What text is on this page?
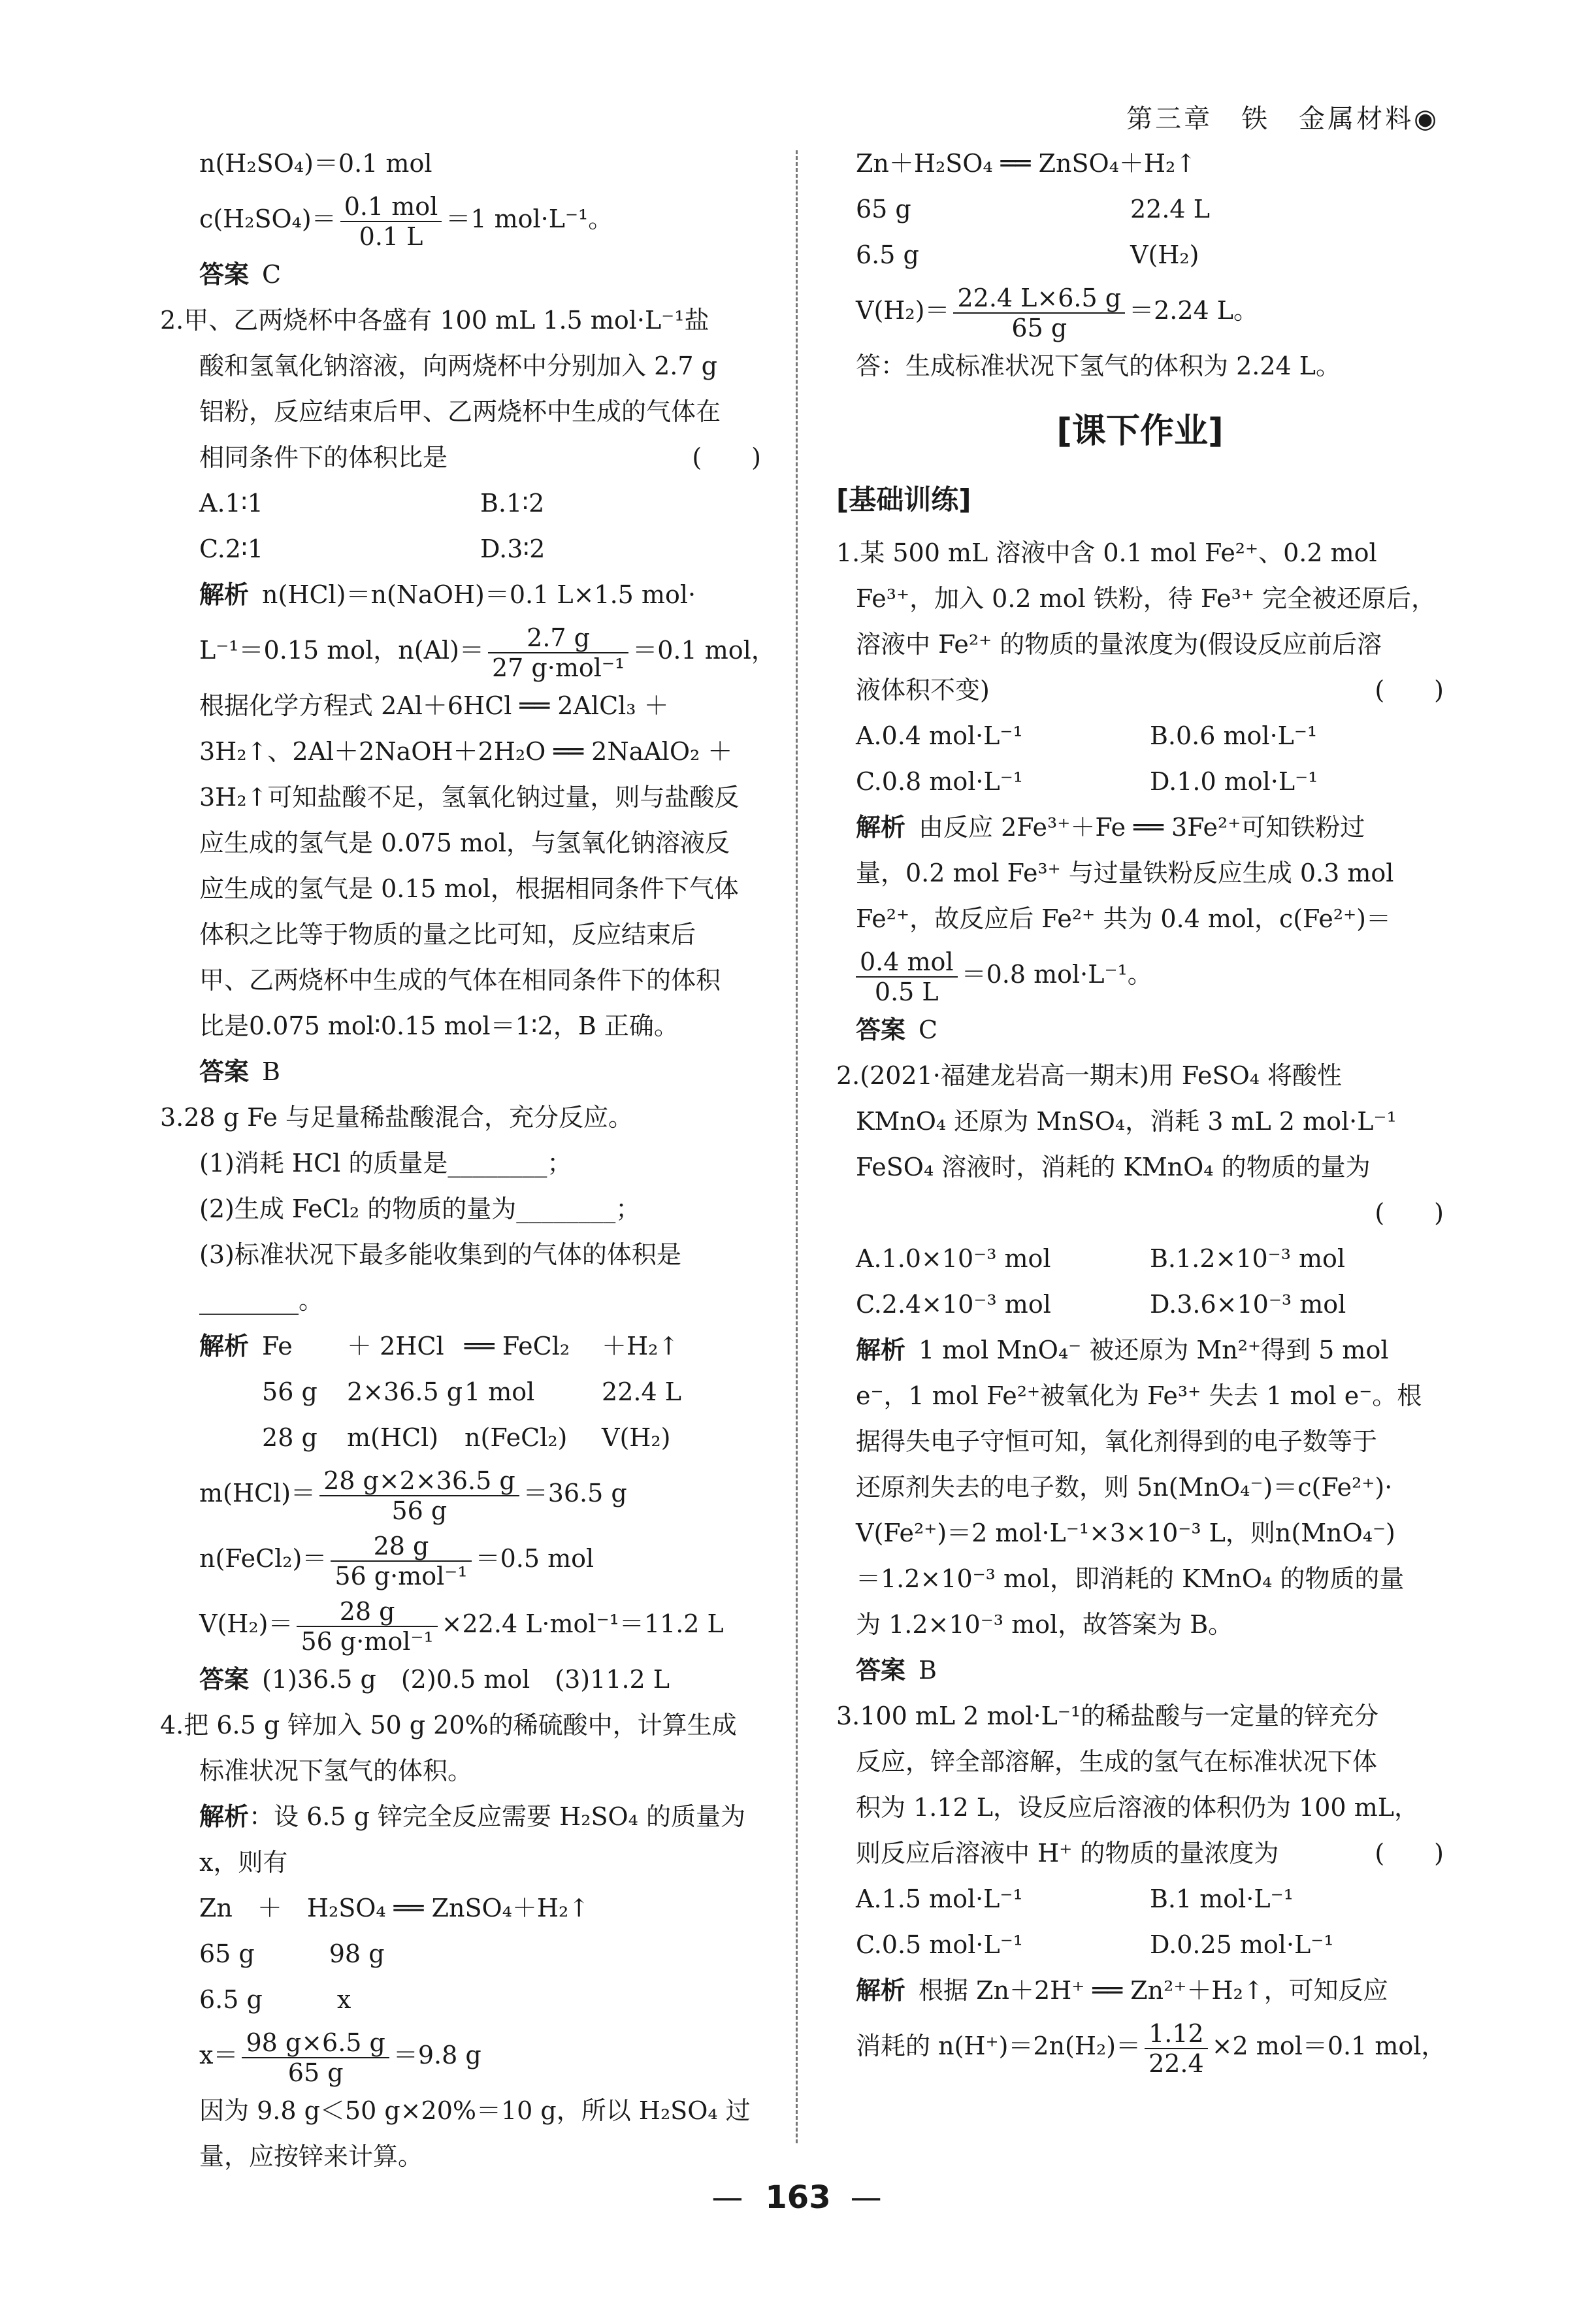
第三章　铁　金属材料◉
n(H₂SO₄)＝0.1 mol
$c(H_2SO_4)= \frac{\text{0.1 mol}}{0.1 L} =1$ mol·L⁻¹。
答案 C
2.甲、乙两烧杯中各盛有 100 mL 1.5 mol·L⁻¹盐
酸和氢氧化钠溶液，向两烧杯中分别加入 2.7 g
铝粉，反应结束后甲、乙两烧杯中生成的气体在
相同条件下的体积比是	(　　)
A.1∶1	B.1∶2
C.2∶1	D.3∶2
解析 n(HCl)＝n(NaOH)＝0.1 L×1.5 mol·
L⁻¹＝0.15 mol，$n(Al)= \frac{2.7 g}{\text{27 g·mol⁻¹}} =0.1$ mol，
根据化学方程式 2Al＋6HCl ══ 2AlCl₃ ＋
3H₂↑、2Al＋2NaOH＋2H₂O ══ 2NaAlO₂ ＋
3H₂↑可知盐酸不足，氢氧化钠过量，则与盐酸反
应生成的氢气是 0.075 mol，与氢氧化钠溶液反
应生成的氢气是 0.15 mol，根据相同条件下气体
体积之比等于物质的量之比可知，反应结束后
甲、乙两烧杯中生成的气体在相同条件下的体积
比是0.075 mol∶0.15 mol＝1∶2，B 正确。
答案 B
3.28 g Fe 与足量稀盐酸混合，充分反应。
(1)消耗 HCl 的质量是________；
(2)生成 FeCl₂ 的物质的量为________；
(3)标准状况下最多能收集到的气体的体积是
________。
解析 Fe	＋ 2HCl ══ FeCl₂	＋H₂↑
56 g	2×36.5 g 1 mol	22.4 L
28 g	m(HCl)	n(FeCl₂)	V(H₂)
$m(HCl)= \frac{28 g\times 2\times 36.5 g}{56 g} =36.5$ g
n(FeCl₂)＝ $\frac{28 g}{\text{56 g·mol⁻¹}} =0.5$ mol
$V(H_2)= \frac{28 g}{\text{56 g·mol⁻¹}} \times 22.4$ L·mol⁻¹＝11.2 L
答案 (1)36.5 g　(2)0.5 mol　(3)11.2 L
4.把 6.5 g 锌加入 50 g 20%的稀硫酸中，计算生成
标准状况下氢气的体积。
解析：设 6.5 g 锌完全反应需要 H₂SO₄ 的质量为
x，则有
Zn　＋　H₂SO₄ ══ ZnSO₄＋H₂↑
65 g　　　98 g
6.5 g　　　x
$x= \frac{98 g\times 6.5 g}{65 g} =9.8$ g
因为 9.8 g＜50 g×20%＝10 g，所以 H₂SO₄ 过
量，应按锌来计算。
Zn＋H₂SO₄ ══ ZnSO₄＋H₂↑
65 g	22.4 L
6.5 g	V(H₂)
$V(H_2)= \frac{22.4 L\times 6.5 g}{65 g} =2.24$ L。
答：生成标准状况下氢气的体积为 2.24 L。
[课下作业]
[基础训练]
1.某 500 mL 溶液中含 0.1 mol Fe²⁺、0.2 mol
Fe³⁺，加入 0.2 mol 铁粉，待 Fe³⁺ 完全被还原后，
溶液中 Fe²⁺ 的物质的量浓度为(假设反应前后溶
液体积不变)	(　　)
A.0.4 mol·L⁻¹	B.0.6 mol·L⁻¹
C.0.8 mol·L⁻¹	D.1.0 mol·L⁻¹
解析 由反应 2Fe³⁺＋Fe ══ 3Fe²⁺可知铁粉过
量，0.2 mol Fe³⁺ 与过量铁粉反应生成 0.3 mol
Fe²⁺，故反应后 Fe²⁺ 共为 0.4 mol，c(Fe²⁺)＝
$\frac{\text{0.4 mol}}{0.5 L} =0.8$ mol·L⁻¹。
答案 C
2.(2021·福建龙岩高一期末)用 FeSO₄ 将酸性
KMnO₄ 还原为 MnSO₄，消耗 3 mL 2 mol·L⁻¹
FeSO₄ 溶液时，消耗的 KMnO₄ 的物质的量为
(　　)

A.1.0×10⁻³ mol	B.1.2×10⁻³ mol
C.2.4×10⁻³ mol	D.3.6×10⁻³ mol
解析 1 mol MnO₄⁻ 被还原为 Mn²⁺得到 5 mol
e⁻，1 mol Fe²⁺被氧化为 Fe³⁺ 失去 1 mol e⁻。根
据得失电子守恒可知，氧化剂得到的电子数等于
还原剂失去的电子数，则 5n(MnO₄⁻)＝c(Fe²⁺)·
V(Fe²⁺)＝2 mol·L⁻¹×3×10⁻³ L，则n(MnO₄⁻)
＝1.2×10⁻³ mol，即消耗的 KMnO₄ 的物质的量
为 1.2×10⁻³ mol，故答案为 B。
答案 B
3.100 mL 2 mol·L⁻¹的稀盐酸与一定量的锌充分
反应，锌全部溶解，生成的氢气在标准状况下体
积为 1.12 L，设反应后溶液的体积仍为 100 mL，
则反应后溶液中 H⁺ 的物质的量浓度为	(　　)
A.1.5 mol·L⁻¹	B.1 mol·L⁻¹
C.0.5 mol·L⁻¹	D.0.25 mol·L⁻¹
解析 根据 Zn＋2H⁺ ══ Zn²⁺＋H₂↑，可知反应
消耗的 $n(H^+)=2n(H_2)= \frac{1.12}{22.4} \times 2$ mol＝0.1 mol，
— 163 —
